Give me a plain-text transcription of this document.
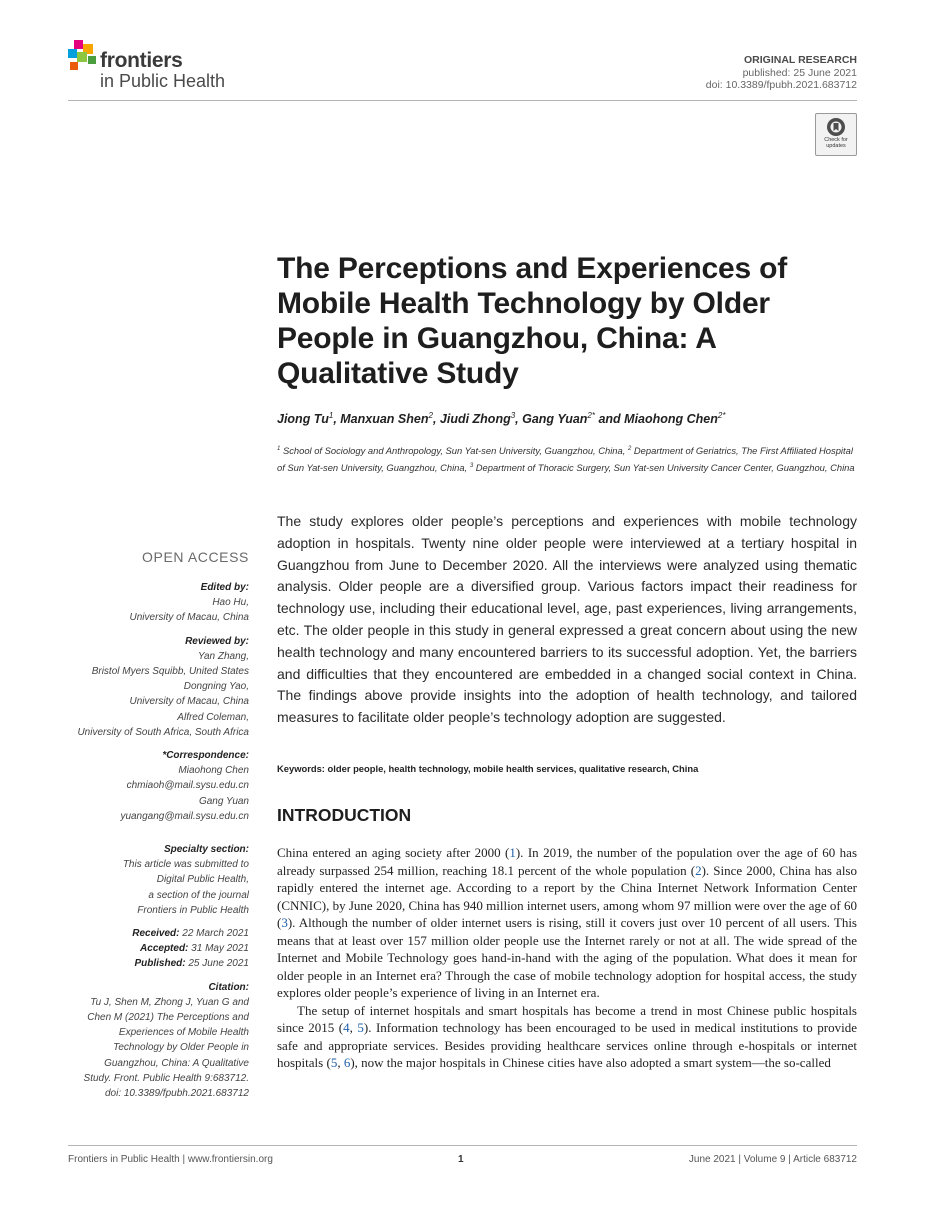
frontiers
in Public Health
ORIGINAL RESEARCH
published: 25 June 2021
doi: 10.3389/fpubh.2021.683712
Check for
updates
The Perceptions and Experiences of Mobile Health Technology by Older People in Guangzhou, China: A Qualitative Study
Jiong Tu$^1$, Manxuan Shen$^2$, Jiudi Zhong$^3$, Gang Yuan$^{2*}$ and Miaohong Chen$^{2*}$
$^1$ School of Sociology and Anthropology, Sun Yat-sen University, Guangzhou, China, $^2$ Department of Geriatrics, The First Affiliated Hospital of Sun Yat-sen University, Guangzhou, China, $^3$ Department of Thoracic Surgery, Sun Yat-sen University Cancer Center, Guangzhou, China
OPEN ACCESS
Edited by:
Hao Hu,
University of Macau, China
Reviewed by:
Yan Zhang,
Bristol Myers Squibb, United States
Dongning Yao,
University of Macau, China
Alfred Coleman,
University of South Africa, South Africa
*Correspondence:
Miaohong Chen
chmiaoh@mail.sysu.edu.cn
Gang Yuan
yuangang@mail.sysu.edu.cn
Specialty section:
This article was submitted to
Digital Public Health,
a section of the journal
Frontiers in Public Health
Received: 22 March 2021
Accepted: 31 May 2021
Published: 25 June 2021
Citation:
Tu J, Shen M, Zhong J, Yuan G and
Chen M (2021) The Perceptions and
Experiences of Mobile Health
Technology by Older People in
Guangzhou, China: A Qualitative
Study. Front. Public Health 9:683712.
doi: 10.3389/fpubh.2021.683712

The study explores older people’s perceptions and experiences with mobile technology adoption in hospitals. Twenty nine older people were interviewed at a tertiary hospital in Guangzhou from June to December 2020. All the interviews were analyzed using thematic analysis. Older people are a diversified group. Various factors impact their readiness for technology use, including their educational level, age, past experiences, living arrangements, etc. The older people in this study in general expressed a great concern about using the new health technology and many encountered barriers to its successful adoption. Yet, the barriers and difficulties that they encountered are embedded in a changed social context in China. The findings above provide insights into the adoption of health technology, and tailored measures to facilitate older people’s technology adoption are suggested.

Keywords: older people, health technology, mobile health services, qualitative research, China
INTRODUCTION

China entered an aging society after 2000 (1). In 2019, the number of the population over the age of 60 has already surpassed 254 million, reaching 18.1 percent of the whole population (2). Since 2000, China has also rapidly entered the internet age. According to a report by the China Internet Network Information Center (CNNIC), by June 2020, China has 940 million internet users, among whom 97 million were over the age of 60 (3). Although the number of older internet users is rising, still it covers just over 10 percent of all users. This means that at least over 157 million older people use the Internet rarely or not at all. The wide spread of the Internet and Mobile Technology goes hand-in-hand with the aging of the population. What does it mean for older people in an Internet era? Through the case of mobile technology adoption for hospital access, the study explores older people’s experience of living in an Internet era.

The setup of internet hospitals and smart hospitals has become a trend in most Chinese public hospitals since 2015 (4, 5). Information technology has been encouraged to be used in medical institutions to provide safe and appropriate services. Besides providing healthcare services online through e-hospitals or internet hospitals (5, 6), now the major hospitals in Chinese cities have also adopted a smart system—the so-called

Frontiers in Public Health | www.frontiersin.org	1	June 2021 | Volume 9 | Article 683712
